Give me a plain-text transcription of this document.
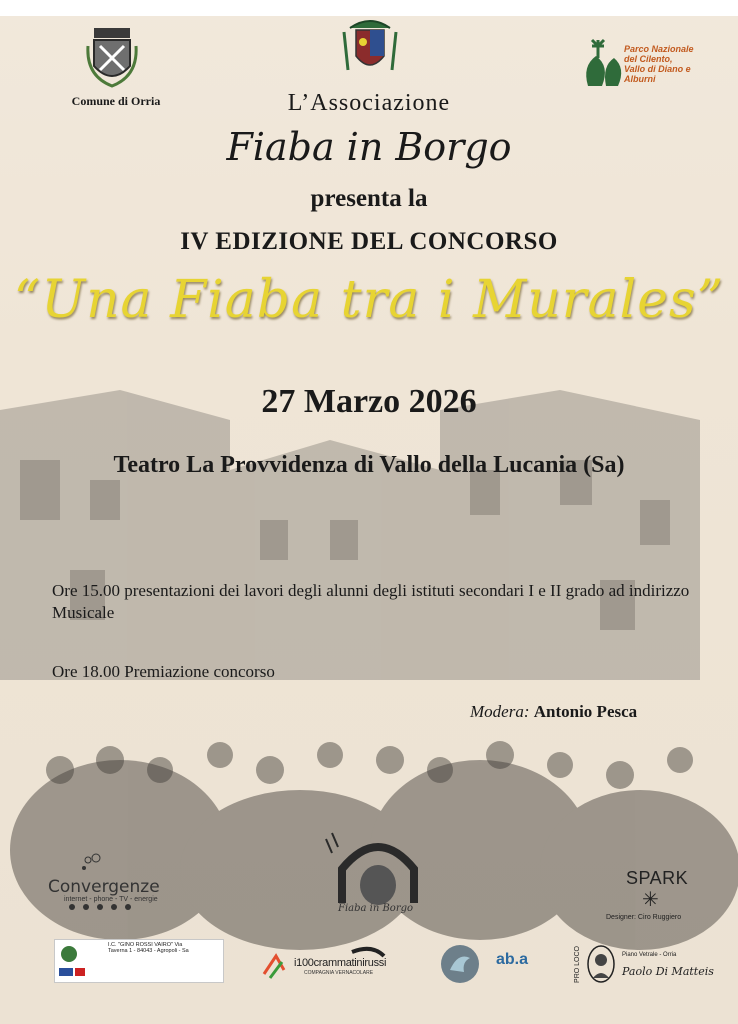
Comune di Orria
Parco Nazionale del Cilento, Vallo di Diano e Alburni
L’Associazione
Fiaba in Borgo
presenta la
IV EDIZIONE DEL CONCORSO
“Una Fiaba tra i Murales”
27 Marzo 2026
Teatro La Provvidenza di Vallo della Lucania (Sa)
Ore 15.00 presentazioni dei lavori degli alunni degli istituti secondari I e II grado ad indirizzo Musicale
Ore 18.00 Premiazione concorso
Modera: Antonio Pesca
Convergenze
internet - phone - TV - energie
Fiaba in Borgo
SPARK
✳
Designer: Ciro Ruggiero
I.C. "GINO ROSSI VAIRO" Via Taverna 1 - 84043 - Agropoli - Sa
i100crammatinirussi
COMPAGNIA VERNACOLARE
ab.a	PRO LOCO	Piano Vetrale - Orria
Paolo Di Matteis
